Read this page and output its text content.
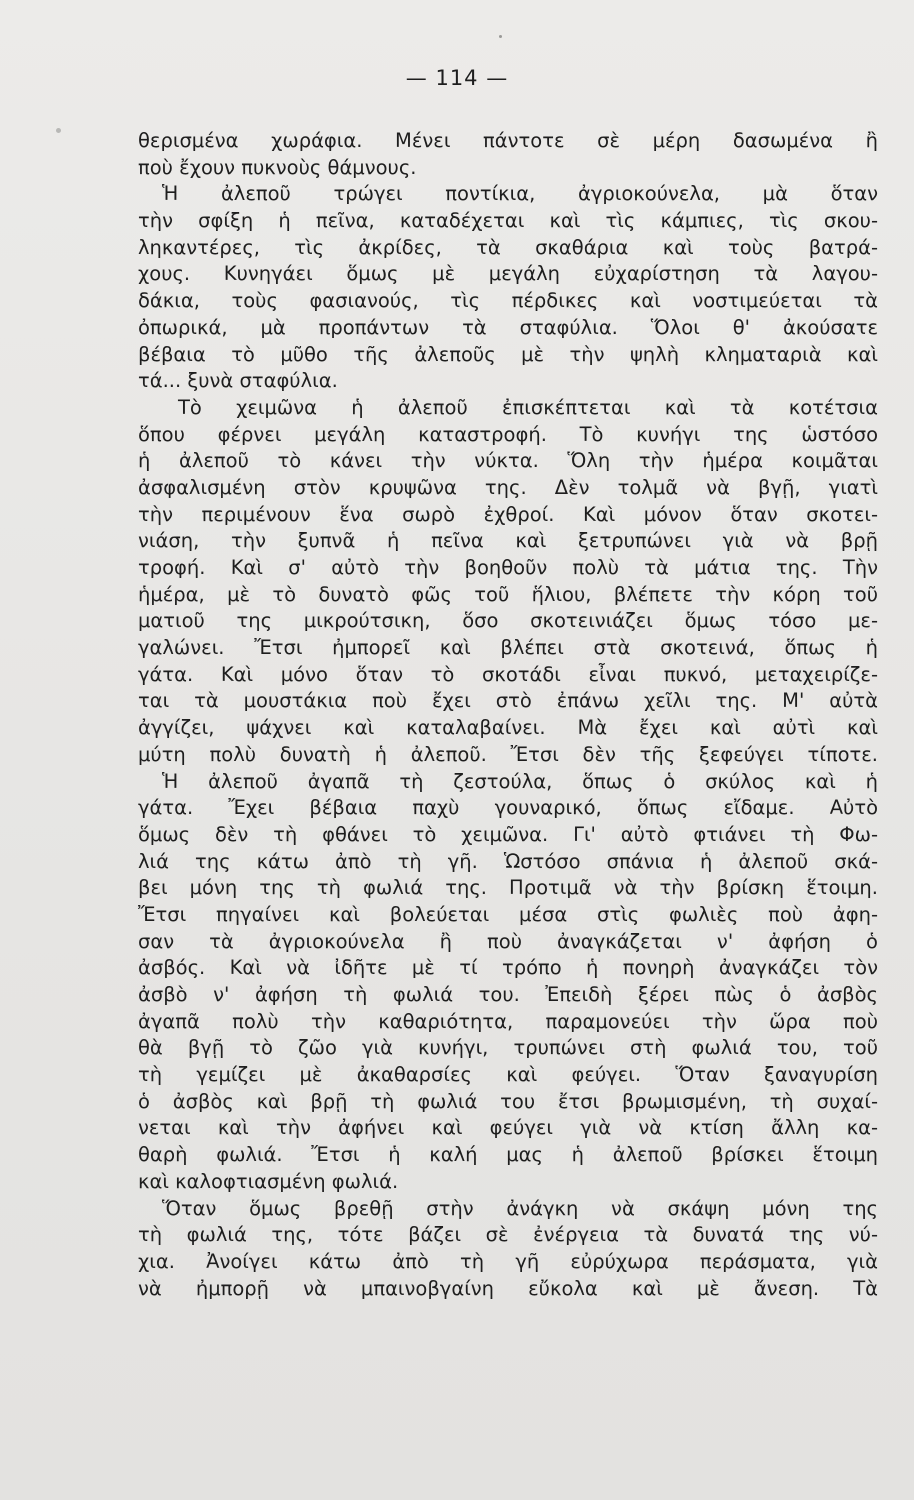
— 114 —
θερισμένα χωράφια. Μένει πάντοτε σὲ μέρη δασωμένα ἢ
ποὺ ἔχουν πυκνοὺς θάμνους.
Ἡ ἀλεποῦ τρώγει ποντίκια, ἀγριοκούνελα, μὰ ὅταν
τὴν σφίξη ἡ πεῖνα, καταδέχεται καὶ τὶς κάμπιες, τὶς σκου-
ληκαντέρες, τὶς ἀκρίδες, τὰ σκαθάρια καὶ τοὺς βατρά-
χους. Κυνηγάει ὅμως μὲ μεγάλη εὐχαρίστηση τὰ λαγου-
δάκια, τοὺς φασιανούς, τὶς πέρδικες καὶ νοστιμεύεται τὰ
ὀπωρικά, μὰ προπάντων τὰ σταφύλια. Ὅλοι θ' ἀκούσατε
βέβαια τὸ μῦθο τῆς ἀλεποῦς μὲ τὴν ψηλὴ κληματαριὰ καὶ
τά... ξυνὰ σταφύλια.
Τὸ χειμῶνα ἡ ἀλεποῦ ἐπισκέπτεται καὶ τὰ κοτέτσια
ὅπου φέρνει μεγάλη καταστροφή. Τὸ κυνήγι της ὡστόσο
ἡ ἀλεποῦ τὸ κάνει τὴν νύκτα. Ὅλη τὴν ἡμέρα κοιμᾶται
ἀσφαλισμένη στὸν κρυψῶνα της. Δὲν τολμᾶ νὰ βγῇ, γιατὶ
τὴν περιμένουν ἕνα σωρὸ ἐχθροί. Καὶ μόνον ὅταν σκοτει-
νιάση, τὴν ξυπνᾶ ἡ πεῖνα καὶ ξετρυπώνει γιὰ νὰ βρῇ
τροφή. Καὶ σ' αὐτὸ τὴν βοηθοῦν πολὺ τὰ μάτια της. Τὴν
ἡμέρα, μὲ τὸ δυνατὸ φῶς τοῦ ἥλιου, βλέπετε τὴν κόρη τοῦ
ματιοῦ της μικρούτσικη, ὅσο σκοτεινιάζει ὅμως τόσο με-
γαλώνει. Ἔτσι ἠμπορεῖ καὶ βλέπει στὰ σκοτεινά, ὅπως ἡ
γάτα. Καὶ μόνο ὅταν τὸ σκοτάδι εἶναι πυκνό, μεταχειρίζε-
ται τὰ μουστάκια ποὺ ἔχει στὸ ἐπάνω χεῖλι της. Μ' αὐτὰ
ἀγγίζει, ψάχνει καὶ καταλαβαίνει. Μὰ ἔχει καὶ αὐτὶ καὶ
μύτη πολὺ δυνατὴ ἡ ἀλεποῦ. Ἔτσι δὲν τῆς ξεφεύγει τίποτε.
Ἡ ἀλεποῦ ἀγαπᾶ τὴ ζεστούλα, ὅπως ὁ σκύλος καὶ ἡ
γάτα. Ἔχει βέβαια παχὺ γουναρικό, ὅπως εἴδαμε. Αὐτὸ
ὅμως δὲν τὴ φθάνει τὸ χειμῶνα. Γι' αὐτὸ φτιάνει τὴ Φω-
λιά της κάτω ἀπὸ τὴ γῆ. Ὡστόσο σπάνια ἡ ἀλεποῦ σκά-
βει μόνη της τὴ φωλιά της. Προτιμᾶ νὰ τὴν βρίσκη ἕτοιμη.
Ἔτσι πηγαίνει καὶ βολεύεται μέσα στὶς φωλιὲς ποὺ ἀφη-
σαν τὰ ἀγριοκούνελα ἢ ποὺ ἀναγκάζεται ν' ἀφήση ὁ
ἀσβός. Καὶ νὰ ἰδῆτε μὲ τί τρόπο ἡ πονηρὴ ἀναγκάζει τὸν
ἀσβὸ ν' ἀφήση τὴ φωλιά του. Ἐπειδὴ ξέρει πὼς ὁ ἀσβὸς
ἀγαπᾶ πολὺ τὴν καθαριότητα, παραμονεύει τὴν ὥρα ποὺ
θὰ βγῇ τὸ ζῶο γιὰ κυνήγι, τρυπώνει στὴ φωλιά του, τοῦ
τὴ γεμίζει μὲ ἀκαθαρσίες καὶ φεύγει. Ὅταν ξαναγυρίση
ὁ ἀσβὸς καὶ βρῇ τὴ φωλιά του ἔτσι βρωμισμένη, τὴ συχαί-
νεται καὶ τὴν ἀφήνει καὶ φεύγει γιὰ νὰ κτίση ἄλλη κα-
θαρὴ φωλιά. Ἔτσι ἡ καλή μας ἡ ἀλεποῦ βρίσκει ἕτοιμη
καὶ καλοφτιασμένη φωλιά.
Ὅταν ὅμως βρεθῇ στὴν ἀνάγκη νὰ σκάψη μόνη της
τὴ φωλιά της, τότε βάζει σὲ ἐνέργεια τὰ δυνατά της νύ-
χια. Ἀνοίγει κάτω ἀπὸ τὴ γῆ εὐρύχωρα περάσματα, γιὰ
νὰ ἠμπορῇ νὰ μπαινοβγαίνη εὔκολα καὶ μὲ ἄνεση. Τὰ
